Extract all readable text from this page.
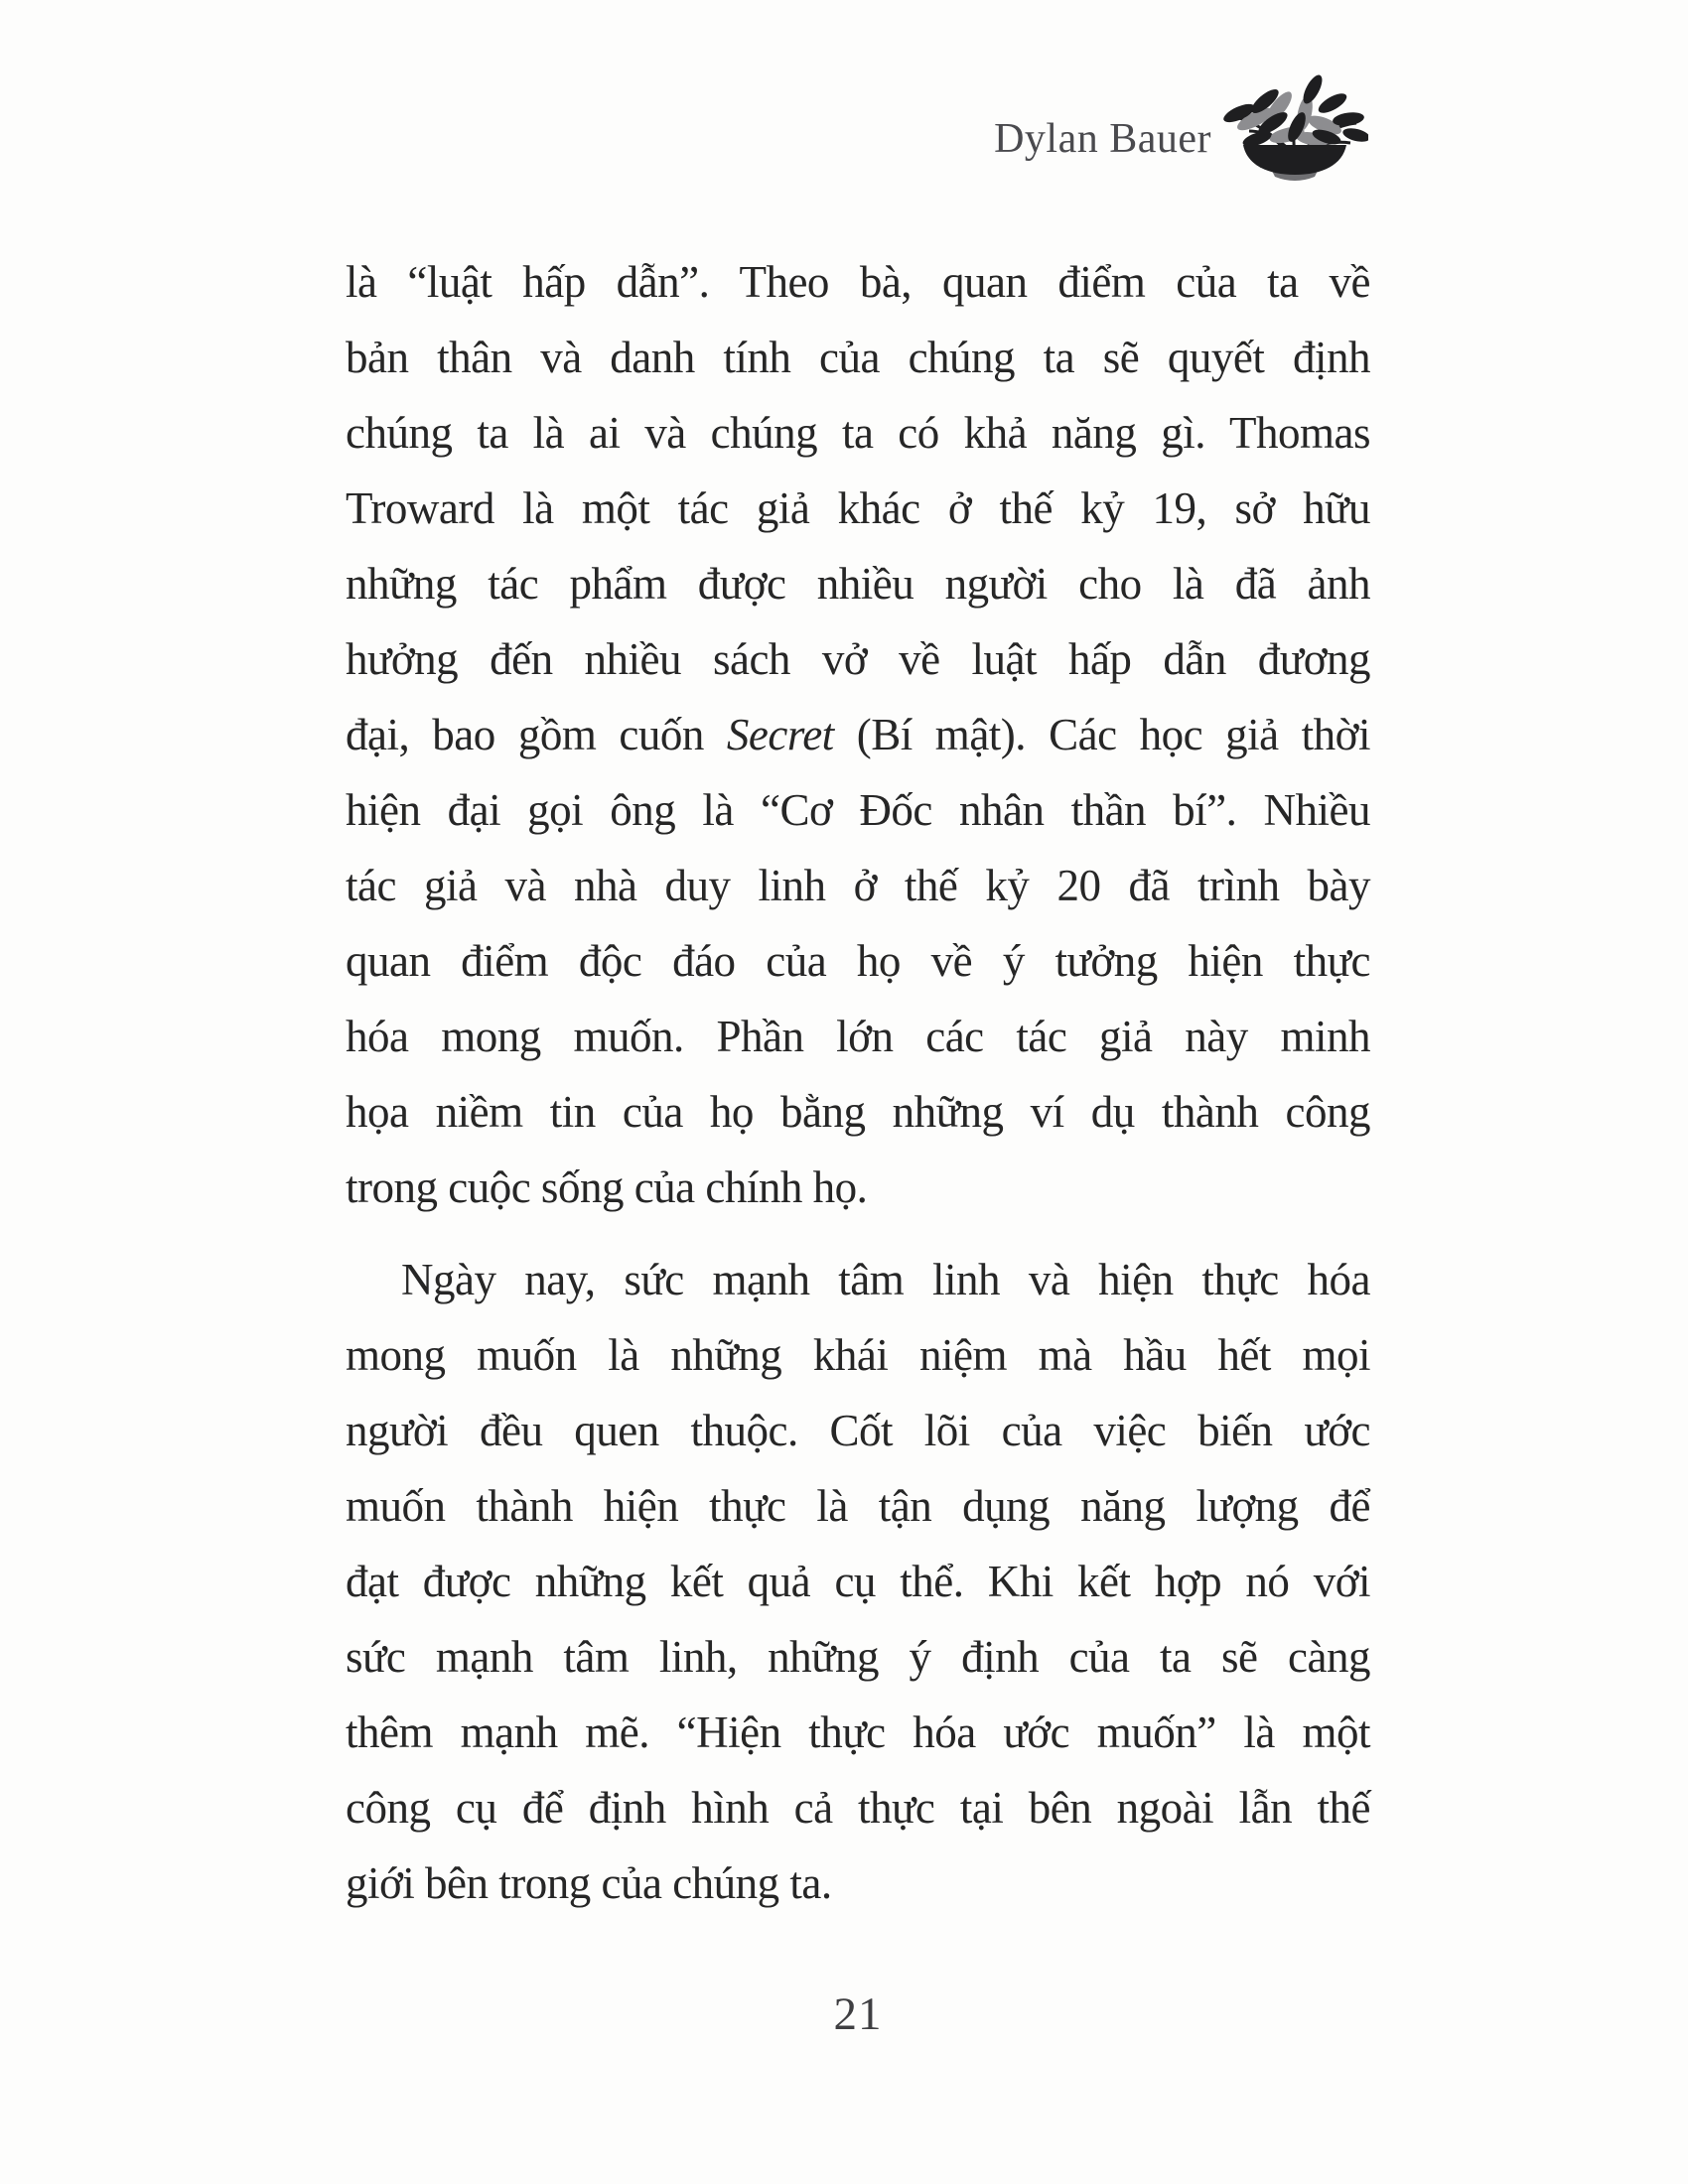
Dylan Bauer
là “luật hấp dẫn”. Theo bà, quan điểm của ta về
bản thân và danh tính của chúng ta sẽ quyết định
chúng ta là ai và chúng ta có khả năng gì. Thomas
Troward là một tác giả khác ở thế kỷ 19, sở hữu
những tác phẩm được nhiều người cho là đã ảnh
hưởng đến nhiều sách vở về luật hấp dẫn đương
đại, bao gồm cuốn Secret (Bí mật). Các học giả thời
hiện đại gọi ông là “Cơ Đốc nhân thần bí”. Nhiều
tác giả và nhà duy linh ở thế kỷ 20 đã trình bày
quan điểm độc đáo của họ về ý tưởng hiện thực
hóa mong muốn. Phần lớn các tác giả này minh
họa niềm tin của họ bằng những ví dụ thành công
trong cuộc sống của chính họ.
Ngày nay, sức mạnh tâm linh và hiện thực hóa
mong muốn là những khái niệm mà hầu hết mọi
người đều quen thuộc. Cốt lõi của việc biến ước
muốn thành hiện thực là tận dụng năng lượng để
đạt được những kết quả cụ thể. Khi kết hợp nó với
sức mạnh tâm linh, những ý định của ta sẽ càng
thêm mạnh mẽ. “Hiện thực hóa ước muốn” là một
công cụ để định hình cả thực tại bên ngoài lẫn thế
giới bên trong của chúng ta.
21
